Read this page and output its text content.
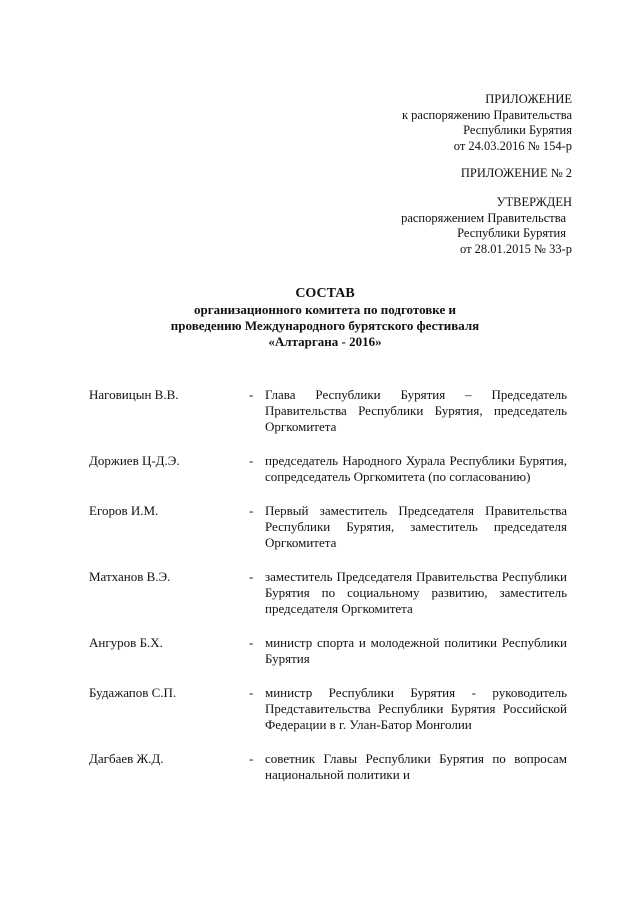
ПРИЛОЖЕНИЕ
к распоряжению Правительства
Республики Бурятия
от 24.03.2016 № 154-р
ПРИЛОЖЕНИЕ № 2
УТВЕРЖДЕН
распоряжением Правительства
Республики Бурятия
от 28.01.2015 № 33-р
СОСТАВ
организационного комитета по подготовке и
проведению Международного бурятского фестиваля
«Алтаргана - 2016»
Наговицын В.В.	- Глава Республики Бурятия – Председатель Правительства Республики Бурятия, председатель Оргкомитета
Доржиев Ц-Д.Э.	- председатель Народного Хурала Республики Бурятия, сопредседатель Оргкомитета (по согласованию)
Егоров И.М.	- Первый заместитель Председателя Правительства Республики Бурятия, заместитель председателя Оргкомитета
Матханов В.Э.	- заместитель Председателя Правительства Республики Бурятия по социальному развитию, заместитель председателя Оргкомитета
Ангуров Б.Х.	- министр спорта и молодежной политики Республики Бурятия
Будажапов С.П.	- министр Республики Бурятия - руководитель Представительства Республики Бурятия Российской Федерации в г. Улан-Батор Монголии
Дагбаев Ж.Д.	- советник Главы Республики Бурятия по вопросам национальной политики и
